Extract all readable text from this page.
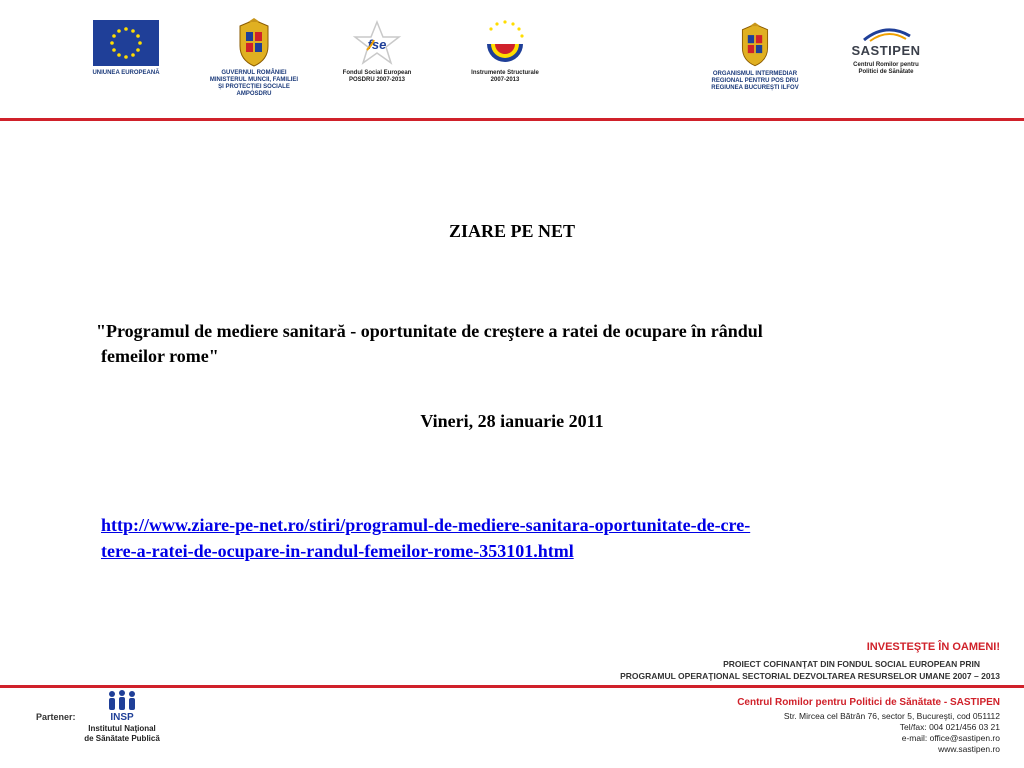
UNIUNEA EUROPEANĂ	GUVERNUL ROMÂNIEI
MINISTERUL MUNCII, FAMILIEI
ȘI PROTECȚIEI SOCIALE
AMPOSDRU
fse
Fondul Social European
POSDRU 2007-2013
Instrumente Structurale
2007-2013
ORGANISMUL INTERMEDIAR
REGIONAL PENTRU POS DRU
REGIUNEA BUCUREȘTI ILFOV
SASTIPEN
Centrul Romilor pentru
Politici de Sănătate
ZIARE PE NET
"Programul de mediere sanitară - oportunitate de creştere a ratei de ocupare în rândul
femeilor rome"
Vineri, 28 ianuarie 2011
http://www.ziare-pe-net.ro/stiri/programul-de-mediere-sanitara-oportunitate-de-cre-
tere-a-ratei-de-ocupare-in-randul-femeilor-rome-353101.html
INVESTEŞTE ÎN OAMENI!
PROIECT COFINANŢAT DIN FONDUL SOCIAL EUROPEAN PRIN
PROGRAMUL OPERAŢIONAL SECTORIAL DEZVOLTAREA RESURSELOR UMANE 2007 – 2013
Partener:	INSP
Institutul Naţional
de Sănătate Publică
Centrul Romilor pentru Politici de Sănătate - SASTIPEN
Str. Mircea cel Bătrân 76, sector 5, Bucureşti, cod 051112
Tel/fax: 004 021/456 03 21
e-mail: office@sastipen.ro
www.sastipen.ro
